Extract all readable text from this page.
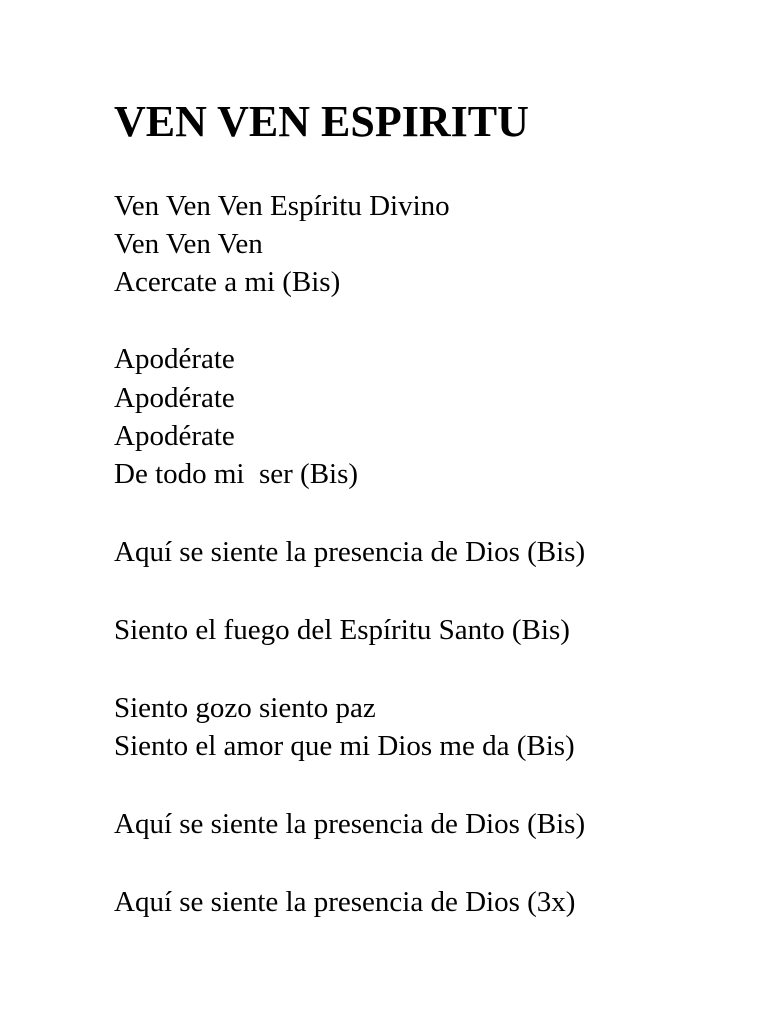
VEN VEN ESPIRITU

Ven Ven Ven Espíritu Divino

Ven Ven Ven

Acercate a mi (Bis)

Apodérate

Apodérate

Apodérate

De todo mi  ser (Bis)

Aquí se siente la presencia de Dios (Bis)

Siento el fuego del Espíritu Santo (Bis)

Siento gozo siento paz

Siento el amor que mi Dios me da (Bis)

Aquí se siente la presencia de Dios (Bis)

Aquí se siente la presencia de Dios (3x)
